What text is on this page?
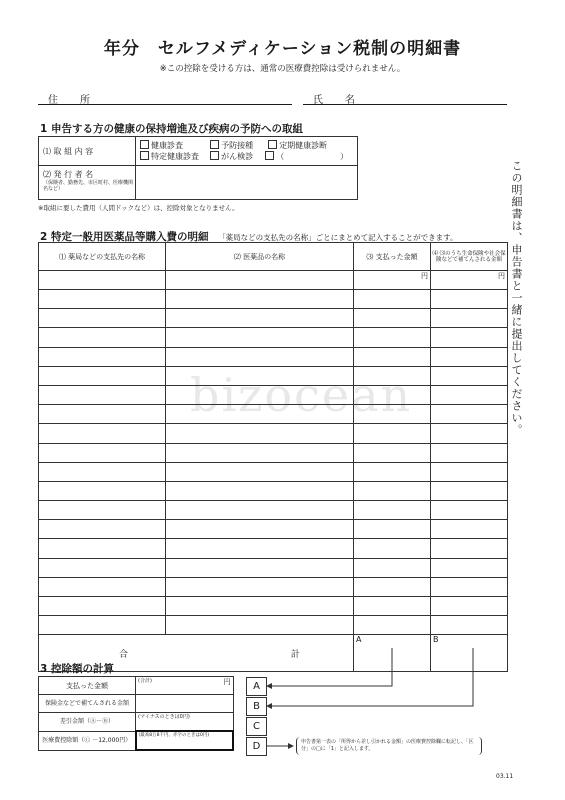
年分　セルフメディケーション税制の明細書
※この控除を受ける方は、通常の医療費控除は受けられません。
住　所	氏　名
この明細書は、申告書と一緒に提出してください。
bizocean
1 申告する方の健康の保持増進及び疾病の予防への取組
⑴ 取 組 内 容	健康診査 予防接種 定期健康診断
特定健康診査 がん検診 （　　　　　　　）

⑵ 発 行 者 名
（保険者、勤務先、市区町村、医療機関名など）	

※取組に要した費用（人間ドックなど）は、控除対象となりません。
2 特定一般用医薬品等購入費の明細 「薬局などの支払先の名称」ごとにまとめて記入することができます。
⑴ 薬局などの支払先の名称	⑵ 医薬品の名称	⑶ 支払った金額	⑷ ⑶のうち生命保険や社会保険などで補てんされる金額
		円	円

合 計		A	B
3 控除額の計算
支払った金額	(合計) 円

保険金などで補てんされる金額	
差引金額（Ⓐ－Ⓑ）	(マイナスのときは0円)
医療費控除額（Ⓒ －12,000円）	(最高8万8千円、赤字のときは0円)
A
B
C
D	申告書第一表の「所得から差し引かれる金額」の医療費控除欄に転記し、「区分」の□に「1」と記入します。
03.11
